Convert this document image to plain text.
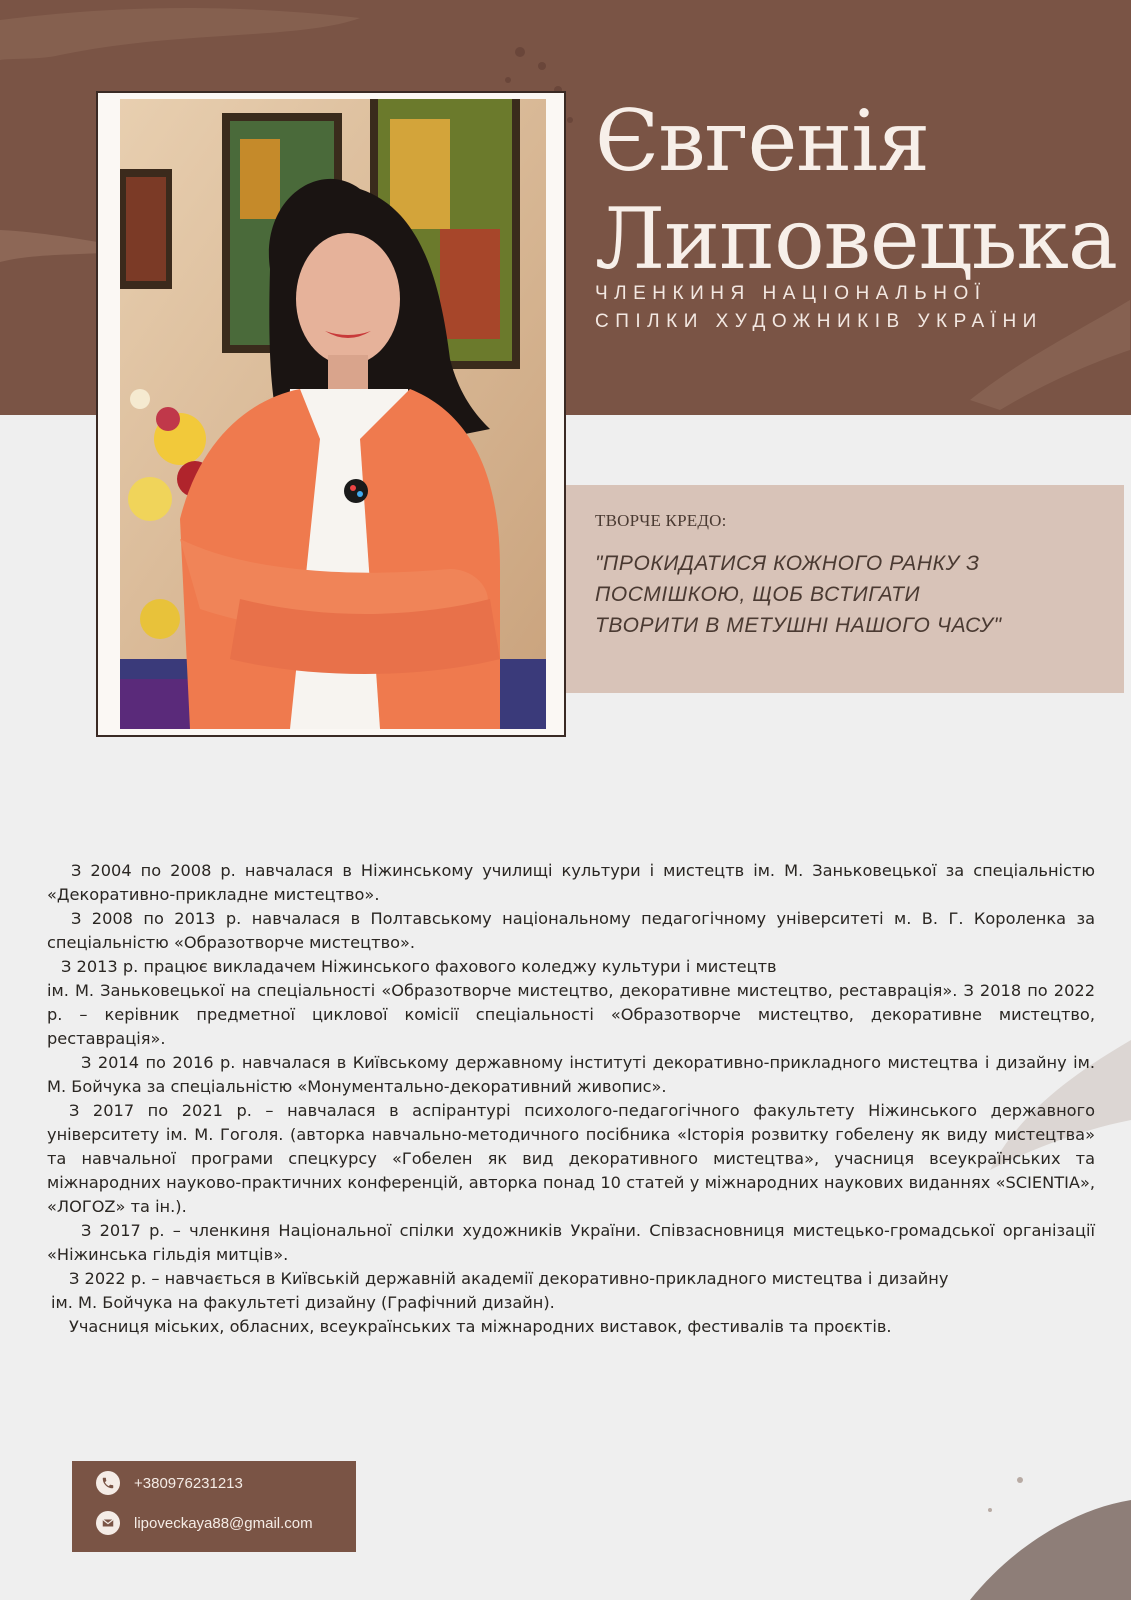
Євгенія
Липовецька
ЧЛЕНКИНЯ НАЦІОНАЛЬНОЇ
СПІЛКИ ХУДОЖНИКІВ УКРАЇНИ
ТВОРЧЕ КРЕДО:
"ПРОКИДАТИСЯ КОЖНОГО РАНКУ З
ПОСМІШКОЮ, ЩОБ ВСТИГАТИ
ТВОРИТИ В МЕТУШНІ НАШОГО ЧАСУ"

З 2004 по 2008 р. навчалася в Ніжинському училищі культури і мистецтв ім. М. Заньковецької за спеціальністю «Декоративно-прикладне мистецтво».

З 2008 по 2013 р. навчалася в Полтавському національному педагогічному університеті м. В. Г. Короленка за спеціальністю «Образотворче мистецтво».

З 2013 р. працює викладачем Ніжинського фахового коледжу культури і мистецтв

ім. М. Заньковецької на спеціальності «Образотворче мистецтво, декоративне мистецтво, реставрація». З 2018 по 2022 р. – керівник предметної циклової комісії спеціальності «Образотворче мистецтво, декоративне мистецтво, реставрація».

З 2014 по 2016 р. навчалася в Київському державному інституті декоративно-прикладного мистецтва і дизайну ім. М. Бойчука за спеціальністю «Монументально-декоративний живопис».

З 2017 по 2021 р. – навчалася в аспірантурі психолого-педагогічного факультету Ніжинського державного університету ім. М. Гоголя. (авторка навчально-методичного посібника «Історія розвитку гобелену як виду мистецтва» та навчальної програми спецкурсу «Гобелен як вид декоративного мистецтва», учасниця всеукраїнських та міжнародних науково-практичних конференцій, авторка понад 10 статей у міжнародних наукових виданнях «SCIENTIA», «ЛОГOZ» та ін.).

З 2017 р. – членкиня Національної спілки художників України. Співзасновниця мистецько-громадської організації «Ніжинська гільдія митців».

З 2022 р. – навчається в Київській державній академії декоративно-прикладного мистецтва і дизайну

ім. М. Бойчука на факультеті дизайну (Графічний дизайн).

Учасниця міських, обласних, всеукраїнських та міжнародних виставок, фестивалів та проєктів.

+380976231213
lipoveckaya88@gmail.com
